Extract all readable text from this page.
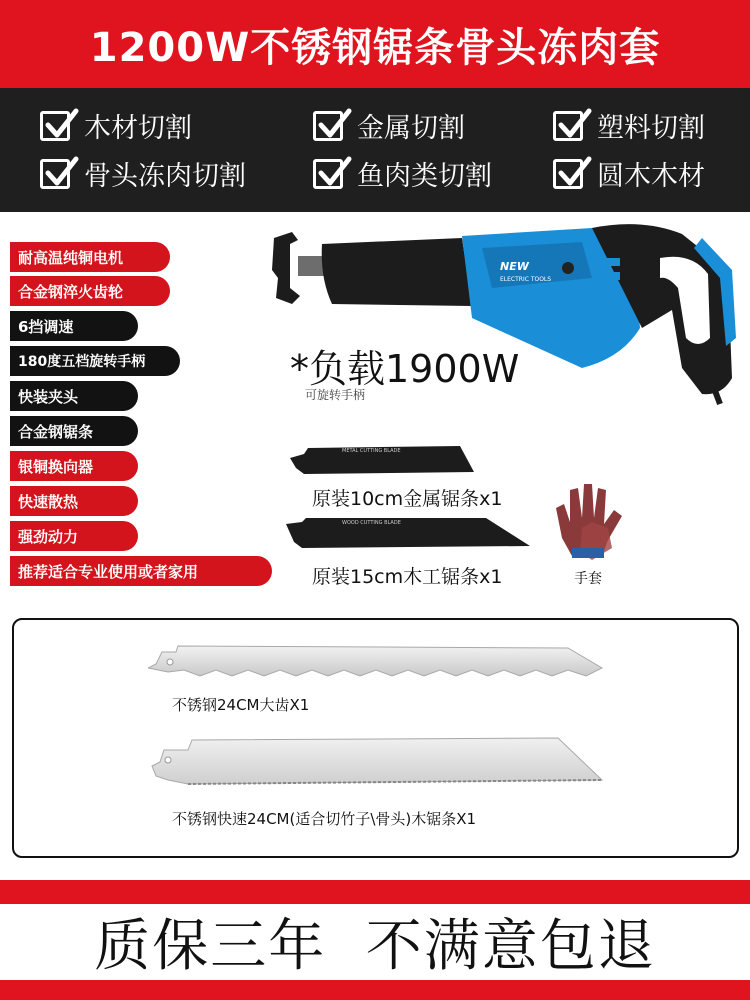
1200W不锈钢锯条骨头冻肉套
木材切割	金属切割	塑料切割
骨头冻肉切割	鱼肉类切割	圆木木材
耐高温纯铜电机
合金钢淬火齿轮
6挡调速
180度五档旋转手柄
快装夹头
合金钢锯条
银铜换向器
快速散热
强劲动力
推荐适合专业使用或者家用
NEW
ELECTRIC TOOLS
*负载1900W
可旋转手柄
METAL CUTTING BLADE
原装10cm金属锯条x1
WOOD CUTTING BLADE
原装15cm木工锯条x1	手套
不锈钢24CM大齿X1
不锈钢快速24CM(适合切竹子\骨头)木锯条X1
质保三年  不满意包退
